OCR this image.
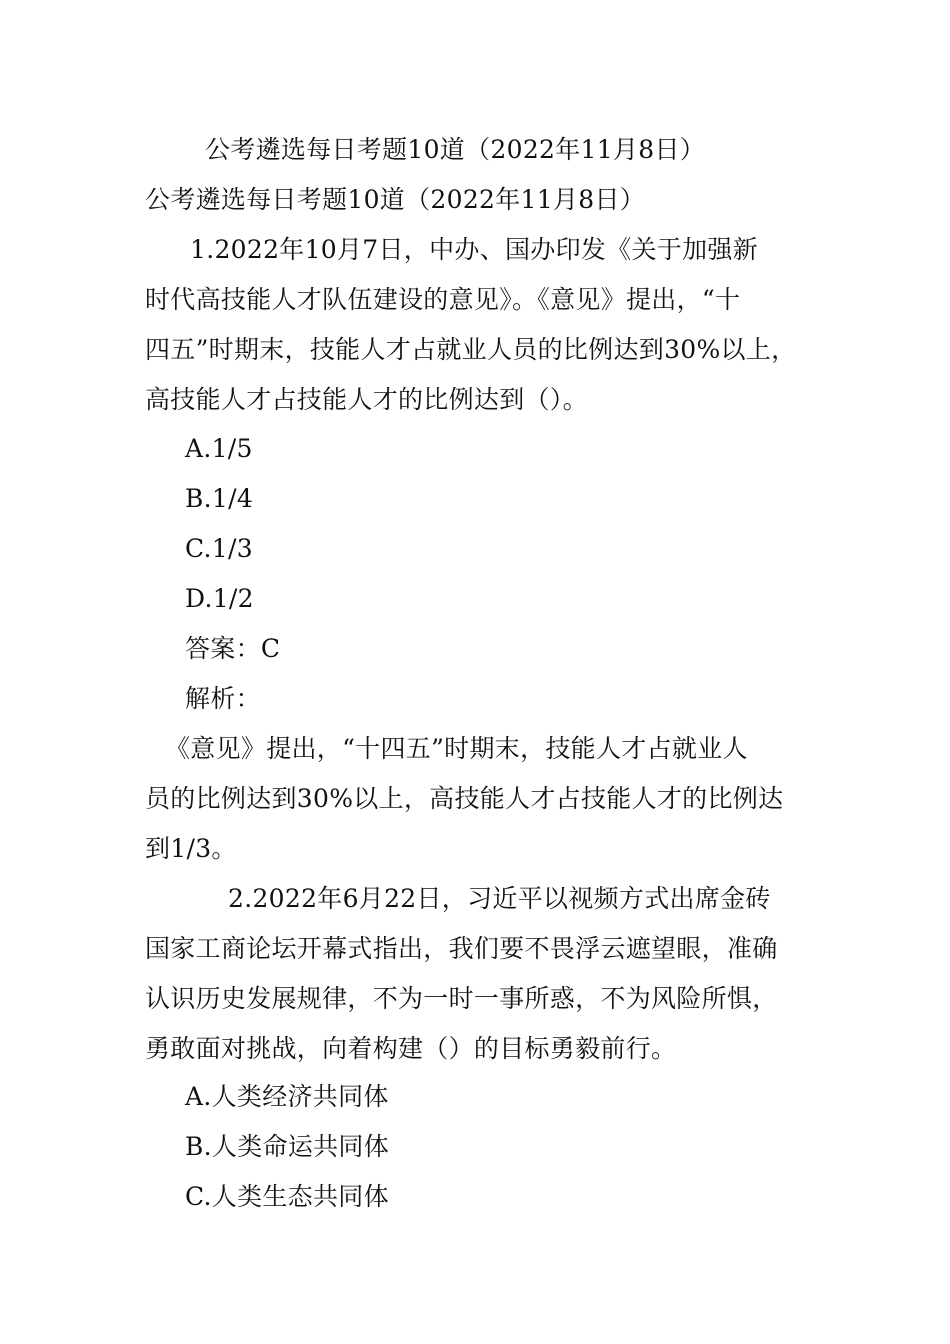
公考遴选每日考题10道（2022年11月8日）
公考遴选每日考题10道（2022年11月8日）
1.2022年10月7日，中办、国办印发《关于加强新
时代高技能人才队伍建设的意见》。《意见》提出，“十
四五”时期末，技能人才占就业人员的比例达到30%以上，
高技能人才占技能人才的比例达到（）。
A.1/5
B.1/4
C.1/3
D.1/2
答案：C
解析：
《意见》提出，“十四五”时期末，技能人才占就业人
员的比例达到30%以上，高技能人才占技能人才的比例达
到1/3。
2.2022年6月22日，习近平以视频方式出席金砖
国家工商论坛开幕式指出，我们要不畏浮云遮望眼，准确
认识历史发展规律，不为一时一事所惑，不为风险所惧，
勇敢面对挑战，向着构建（）的目标勇毅前行。
A.人类经济共同体
B.人类命运共同体
C.人类生态共同体
